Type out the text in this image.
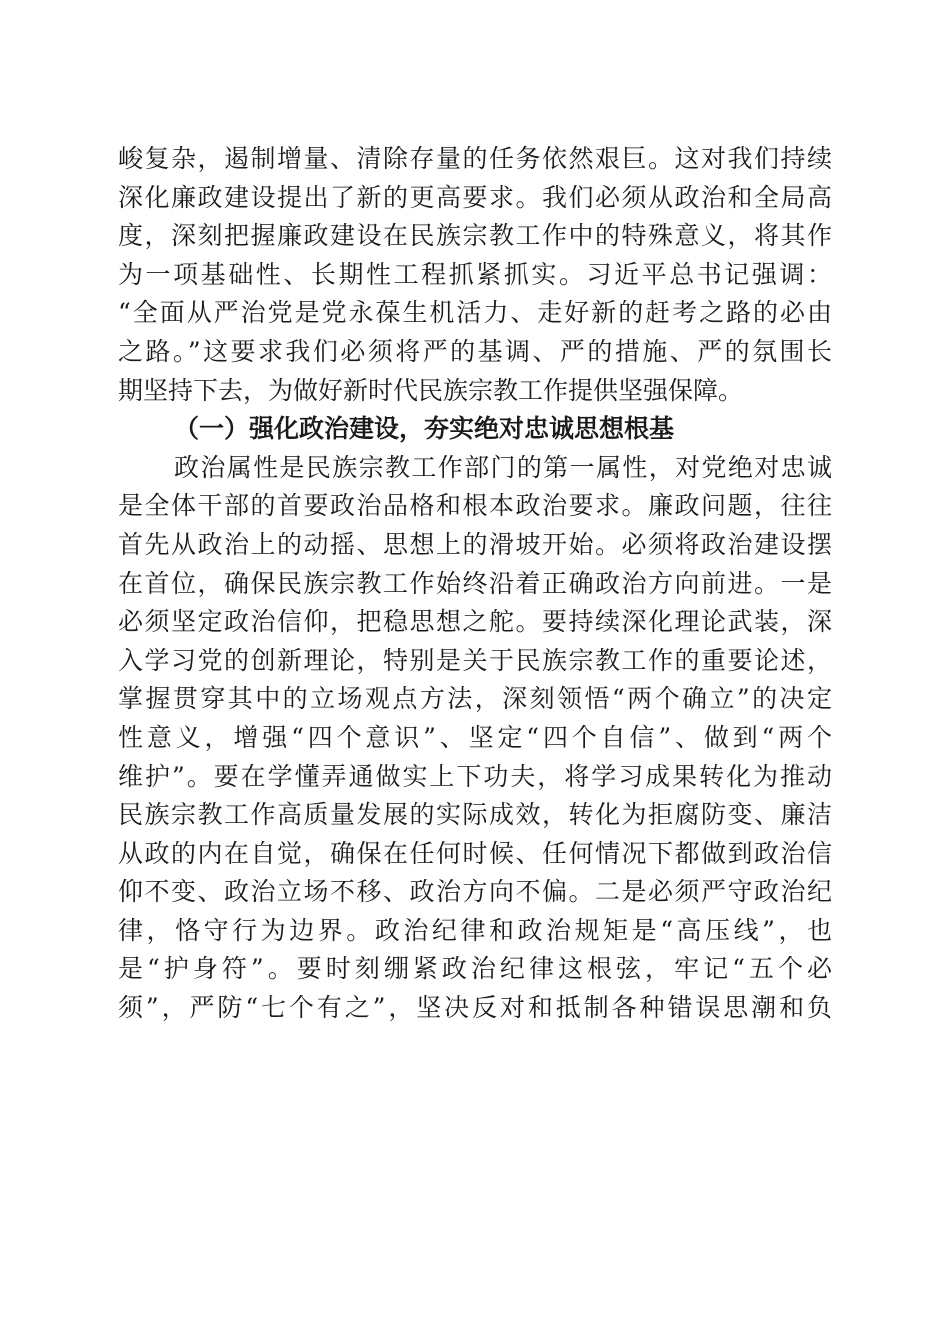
峻复杂，遏制增量、清除存量的任务依然艰巨。这对我们持续
深化廉政建设提出了新的更高要求。我们必须从政治和全局高
度，深刻把握廉政建设在民族宗教工作中的特殊意义，将其作
为一项基础性、长期性工程抓紧抓实。习近平总书记强调：
“全面从严治党是党永葆生机活力、走好新的赶考之路的必由
之路。”这要求我们必须将严的基调、严的措施、严的氛围长
期坚持下去，为做好新时代民族宗教工作提供坚强保障。
（一）强化政治建设，夯实绝对忠诚思想根基
政治属性是民族宗教工作部门的第一属性，对党绝对忠诚
是全体干部的首要政治品格和根本政治要求。廉政问题，往往
首先从政治上的动摇、思想上的滑坡开始。必须将政治建设摆
在首位，确保民族宗教工作始终沿着正确政治方向前进。一是
必须坚定政治信仰，把稳思想之舵。要持续深化理论武装，深
入学习党的创新理论，特别是关于民族宗教工作的重要论述，
掌握贯穿其中的立场观点方法，深刻领悟“两个确立”的决定
性意义，增强“四个意识”、坚定“四个自信”、做到“两个
维护”。要在学懂弄通做实上下功夫，将学习成果转化为推动
民族宗教工作高质量发展的实际成效，转化为拒腐防变、廉洁
从政的内在自觉，确保在任何时候、任何情况下都做到政治信
仰不变、政治立场不移、政治方向不偏。二是必须严守政治纪
律，恪守行为边界。政治纪律和政治规矩是“高压线”，也
是“护身符”。要时刻绷紧政治纪律这根弦，牢记“五个必
须”，严防“七个有之”，坚决反对和抵制各种错误思潮和负
